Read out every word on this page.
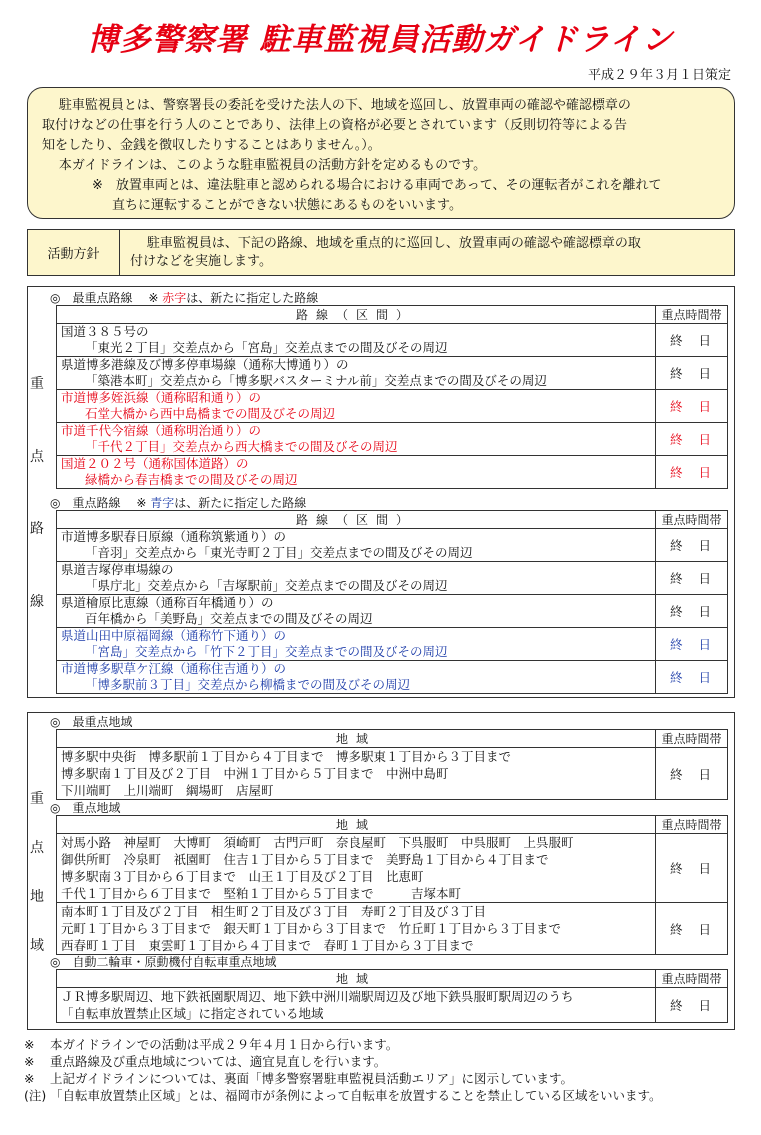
博多警察署 駐車監視員活動ガイドライン
平成２９年３月１日策定

駐車監視員とは、警察署長の委託を受けた法人の下、地域を巡回し、放置車両の確認や確認標章の

取付けなどの仕事を行う人のことであり、法律上の資格が必要とされています（反則切符等による告

知をしたり、金銭を徴収したりすることはありません。）。

本ガイドラインは、このような駐車監視員の活動方針を定めるものです。

※　放置車両とは、違法駐車と認められる場合における車両であって、その運転者がこれを離れて

直ちに運転することができない状態にあるものをいいます。

活動方針
駐車監視員は、下記の路線、地域を重点的に巡回し、放置車両の確認や確認標章の取
付けなどを実施します。
重
点
路
線
◎　最重点路線　 ※ 赤字は、新たに指定した路線
路線（区間）	重点時間帯

国道３８５号の
「東光２丁目」交差点から「宮島」交差点までの間及びその周辺	終日

県道博多港線及び博多停車場線（通称大博通り）の
「築港本町」交差点から「博多駅バスターミナル前」交差点までの間及びその周辺	終日

市道博多姪浜線（通称昭和通り）の
石堂大橋から西中島橋までの間及びその周辺	終日

市道千代今宿線（通称明治通り）の
「千代２丁目」交差点から西大橋までの間及びその周辺	終日

国道２０２号（通称国体道路）の
緑橋から春吉橋までの間及びその周辺	終日
◎　重点路線　 ※ 青字は、新たに指定した路線
路線（区間）	重点時間帯

市道博多駅春日原線（通称筑紫通り）の
「音羽」交差点から「東光寺町２丁目」交差点までの間及びその周辺	終日

県道吉塚停車場線の
「県庁北」交差点から「吉塚駅前」交差点までの間及びその周辺	終日

県道檜原比恵線（通称百年橋通り）の
百年橋から「美野島」交差点までの間及びその周辺	終日

県道山田中原福岡線（通称竹下通り）の
「宮島」交差点から「竹下２丁目」交差点までの間及びその周辺	終日

市道博多駅草ケ江線（通称住吉通り）の
「博多駅前３丁目」交差点から柳橋までの間及びその周辺	終日
重
点
地
域
◎　最重点地域
地域	重点時間帯

博多駅中央街　博多駅前１丁目から４丁目まで　博多駅東１丁目から３丁目まで
博多駅南１丁目及び２丁目　中洲１丁目から５丁目まで　中洲中島町
下川端町　上川端町　綱場町　店屋町	終日
◎　重点地域
地域	重点時間帯

対馬小路　神屋町　大博町　須崎町　古門戸町　奈良屋町　下呉服町　中呉服町　上呉服町
御供所町　冷泉町　祇園町　住吉１丁目から５丁目まで　美野島１丁目から４丁目まで
博多駅南３丁目から６丁目まで　山王１丁目及び２丁目　比恵町
千代１丁目から６丁目まで　堅粕１丁目から５丁目まで　　　吉塚本町	終日

南本町１丁目及び２丁目　相生町２丁目及び３丁目　寿町２丁目及び３丁目
元町１丁目から３丁目まで　銀天町１丁目から３丁目まで　竹丘町１丁目から３丁目まで
西春町１丁目　東雲町１丁目から４丁目まで　春町１丁目から３丁目まで	終日
◎　自動二輪車・原動機付自転車重点地域
地域	重点時間帯

ＪＲ博多駅周辺、地下鉄祇園駅周辺、地下鉄中洲川端駅周辺及び地下鉄呉服町駅周辺のうち
「自転車放置禁止区域」に指定されている地域	終日
※	本ガイドラインでの活動は平成２９年４月１日から行います。
※	重点路線及び重点地域については、適宜見直しを行います。
※	上記ガイドラインについては、裏面「博多警察署駐車監視員活動エリア」に図示しています。
(注) 「自転車放置禁止区域」とは、福岡市が条例によって自転車を放置することを禁止している区域をいいます。
